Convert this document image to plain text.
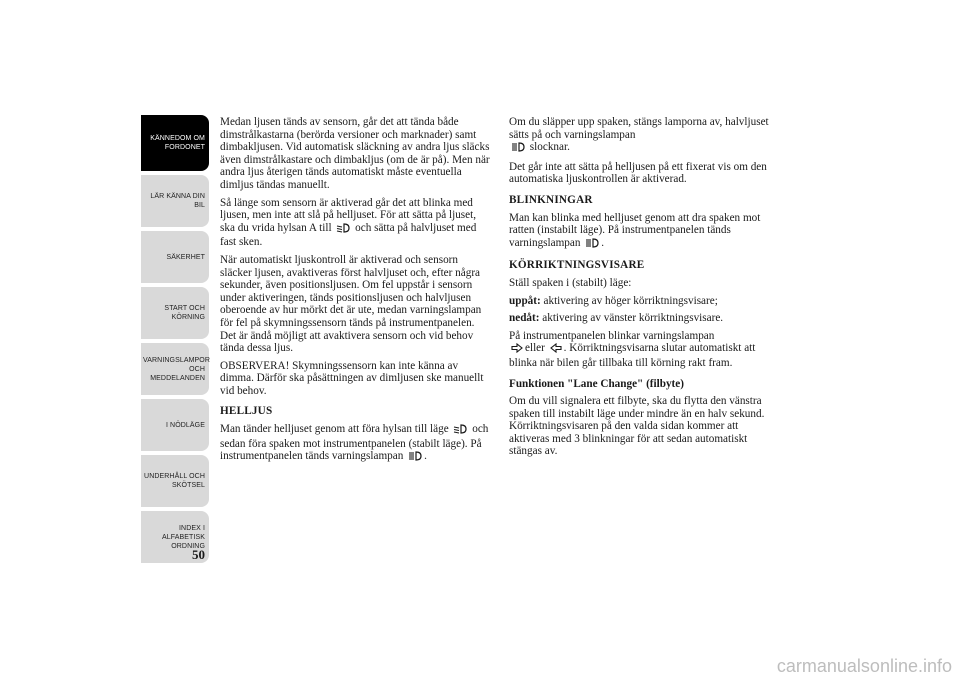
KÄNNEDOM OM FORDONET
LÄR KÄNNA DIN BIL
SÄKERHET
START OCH KÖRNING
VARNINGSLAMPOR OCH MEDDELANDEN
I NÖDLÄGE
UNDERHÅLL OCH SKÖTSEL
INDEX I ALFABETISK ORDNING
50

Medan ljusen tänds av sensorn, går det att tända både dimstrålkastarna (berörda versioner och marknader) samt dimbakljusen. Vid automatisk släckning av andra ljus släcks även dimstrålkastare och dimbakljus (om de är på). Men när andra ljus återigen tänds automatiskt måste eventuella dimljus tändas manuellt.

Så länge som sensorn är aktiverad går det att blinka med ljusen, men inte att slå på helljuset. För att sätta på ljuset, ska du vrida hylsan A till och sätta på halvljuset med fast sken.

När automatiskt ljuskontroll är aktiverad och sensorn släcker ljusen, avaktiveras först halvljuset och, efter några sekunder, även positionsljusen. Om fel uppstår i sensorn under aktiveringen, tänds positionsljusen och halvljusen oberoende av hur mörkt det är ute, medan varningslampan för fel på skymningssensorn tänds på instrumentpanelen. Det är ändå möjligt att avaktivera sensorn och vid behov tända dessa ljus.

OBSERVERA! Skymningssensorn kan inte känna av dimma. Därför ska påsättningen av dimljusen ske manuellt vid behov.

HELLJUS

Man tänder helljuset genom att föra hylsan till läge och sedan föra spaken mot instrumentpanelen (stabilt läge). På instrumentpanelen tänds varningslampan .

Om du släpper upp spaken, stängs lamporna av, halvljuset sätts på och varningslampan
slocknar.

Det går inte att sätta på helljusen på ett fixerat vis om den automatiska ljuskontrollen är aktiverad.

BLINKNINGAR

Man kan blinka med helljuset genom att dra spaken mot ratten (instabilt läge). På instrumentpanelen tänds varningslampan .

KÖRRIKTNINGSVISARE

Ställ spaken i (stabilt) läge:

uppåt: aktivering av höger körriktningsvisare;

nedåt: aktivering av vänster körriktningsvisare.

På instrumentpanelen blinkar varningslampan
eller . Körriktningsvisarna slutar automatiskt att blinka när bilen går tillbaka till körning rakt fram.

Funktionen "Lane Change" (filbyte)

Om du vill signalera ett filbyte, ska du flytta den vänstra spaken till instabilt läge under mindre än en halv sekund. Körriktningsvisaren på den valda sidan kommer att aktiveras med 3 blinkningar för att sedan automatiskt stängas av.

carmanualsonline.info
